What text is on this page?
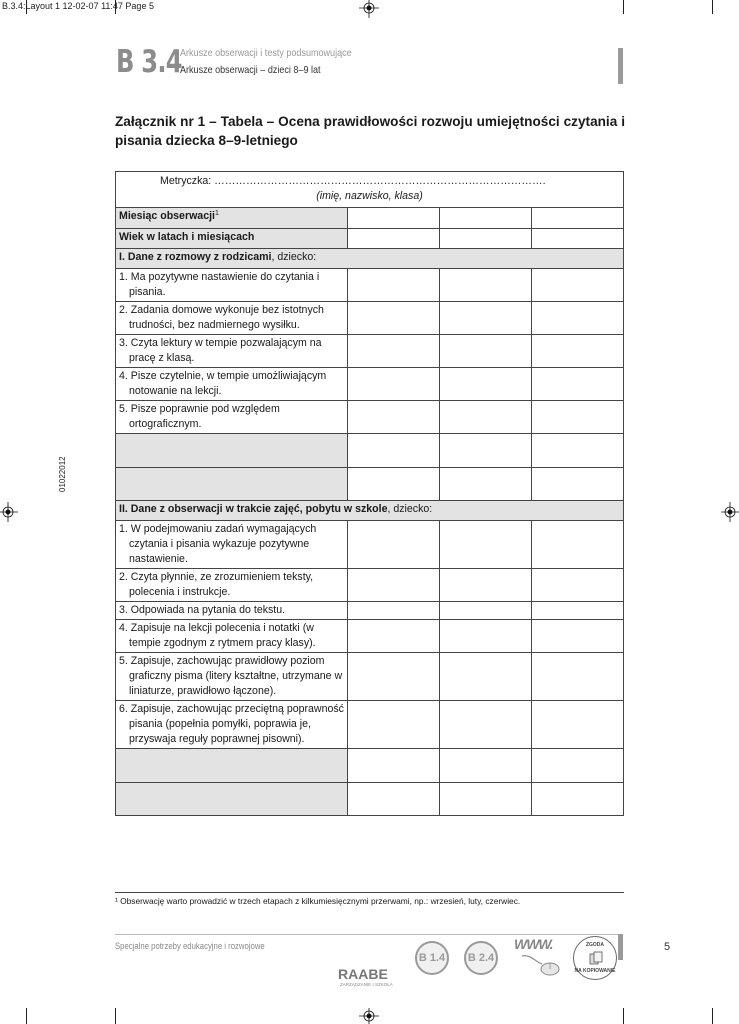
B.3.4:Layout 1 12-02-07 11:47 Page 5
B 3.4
Arkusze obserwacji i testy podsumowujące
Arkusze obserwacji – dzieci 8–9 lat
Załącznik nr 1 – Tabela – Ocena prawidłowości rozwoju umiejętności czytania i pisania dziecka 8–9-letniego
01022012
Metryczka: ………………………………………………………………………………….
(imię, nazwisko, klasa)			

Miesiąc obserwacji$^1$			
Wiek w latach i miesiącach			
I. Dane z rozmowy z rodzicami, dziecko:			
1. Ma pozytywne nastawienie do czytania i pisania.			
2. Zadania domowe wykonuje bez istotnych trudności, bez nadmiernego wysiłku.			
3. Czyta lektury w tempie pozwalającym na pracę z klasą.			
4. Pisze czytelnie, w tempie umożliwiającym notowanie na lekcji.			
5. Pisze poprawnie pod względem ortograficznym.			

II. Dane z obserwacji w trakcie zajęć, pobytu w szkole, dziecko:			
1. W podejmowaniu zadań wymagających czytania i pisania wykazuje pozytywne nastawienie.			
2. Czyta płynnie, ze zrozumieniem teksty, polecenia i instrukcje.			
3. Odpowiada na pytania do tekstu.			
4. Zapisuje na lekcji polecenia i notatki (w tempie zgodnym z rytmem pracy klasy).			
5. Zapisuje, zachowując prawidłowy poziom graficzny pisma (litery kształtne, utrzymane w liniaturze, prawidłowo łączone).			
6. Zapisuje, zachowując przeciętną poprawność pisania (popełnia pomyłki, poprawia je, przyswaja reguły poprawnej pisowni).			

¹ Obserwację warto prowadzić w trzech etapach z kilkumiesięcznymi przerwami, np.: wrzesień, luty, czerwiec.
Specjalne potrzeby edukacyjne i rozwojowe
B 1.4	B 2.4
WWW.	ZGODA
NA KOPIOWANIE
5
RAABE
ZARZĄDZANIE I SZKOŁA
